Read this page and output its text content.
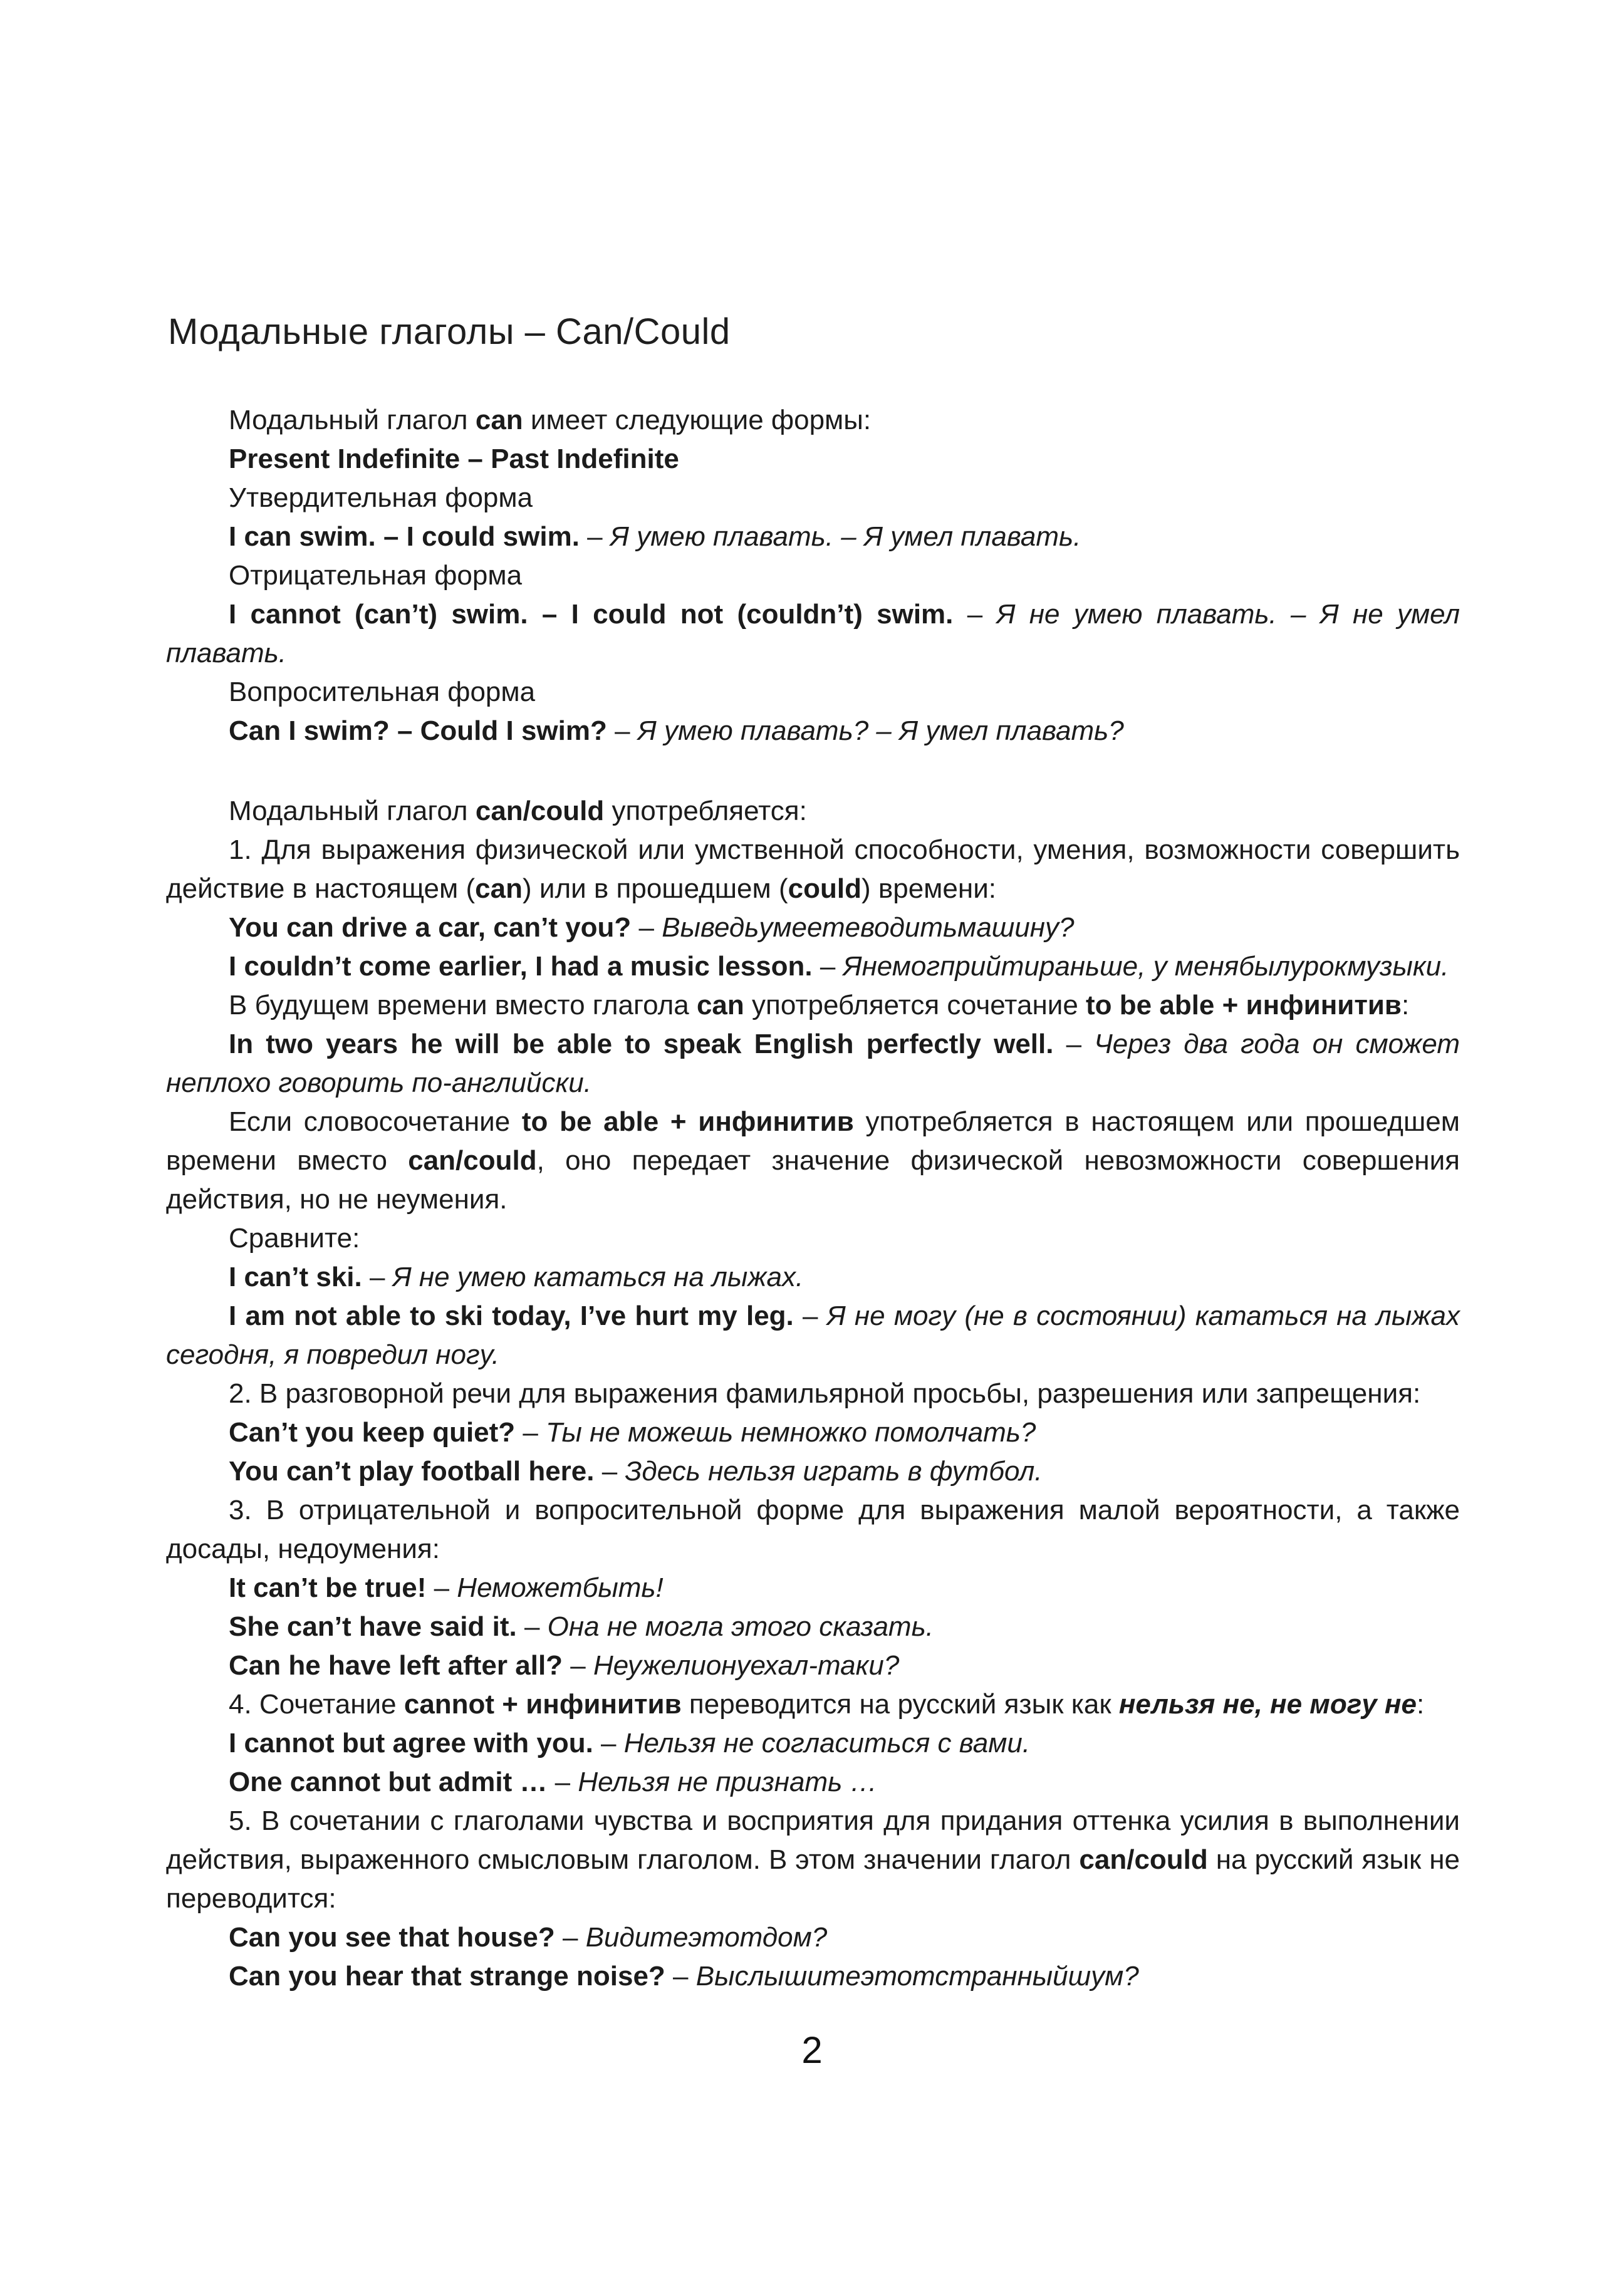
Модальные глаголы – Can/Could

Модальный глагол can имеет следующие формы:

Present Indefinite – Past Indefinite

Утвердительная форма

I can swim. – I could swim. – Я умею плавать. – Я умел плавать.

Отрицательная форма

I cannot (can’t) swim. – I could not (couldn’t) swim. – Я не умею плавать. – Я не умел плавать.

Вопросительная форма

Can I swim? – Could I swim? – Я умею плавать? – Я умел плавать?

Модальный глагол can/could употребляется:

1. Для выражения физической или умственной способности, умения, возможности совершить действие в настоящем (can) или в прошедшем (could) времени:

You can drive a car, can’t you? – Выведьумеетеводитьмашину?

I couldn’t come earlier, I had a music lesson. – Янемогприйтираньше, у менябылурокмузыки.

В будущем времени вместо глагола can употребляется сочетание to be able + инфинитив:

In two years he will be able to speak English perfectly well. – Через два года он сможет неплохо говорить по-английски.

Если словосочетание to be able + инфинитив употребляется в настоящем или прошедшем времени вместо can/could, оно передает значение физической невозможности совершения действия, но не неумения.

Сравните:

I can’t ski. – Я не умею кататься на лыжах.

I am not able to ski today, I’ve hurt my leg. – Я не могу (не в состоянии) кататься на лыжах сегодня, я повредил ногу.

2. В разговорной речи для выражения фамильярной просьбы, разрешения или запрещения:

Can’t you keep quiet? – Ты не можешь немножко помолчать?

You can’t play football here. – Здесь нельзя играть в футбол.

3. В отрицательной и вопросительной форме для выражения малой вероятности, а также досады, недоумения:

It can’t be true! – Неможетбыть!

She can’t have said it. – Она не могла этого сказать.

Can he have left after all? – Неужелионуехал-таки?

4. Сочетание cannot + инфинитив переводится на русский язык как нельзя не, не могу не:

I cannot but agree with you. – Нельзя не согласиться с вами.

One cannot but admit … – Нельзя не признать …

5. В сочетании с глаголами чувства и восприятия для придания оттенка усилия в выполнении действия, выраженного смысловым глаголом. В этом значении глагол can/could на русский язык не переводится:

Can you see that house? – Видитеэтотдом?

Can you hear that strange noise? – Выслышитеэтотстранныйшум?

2
